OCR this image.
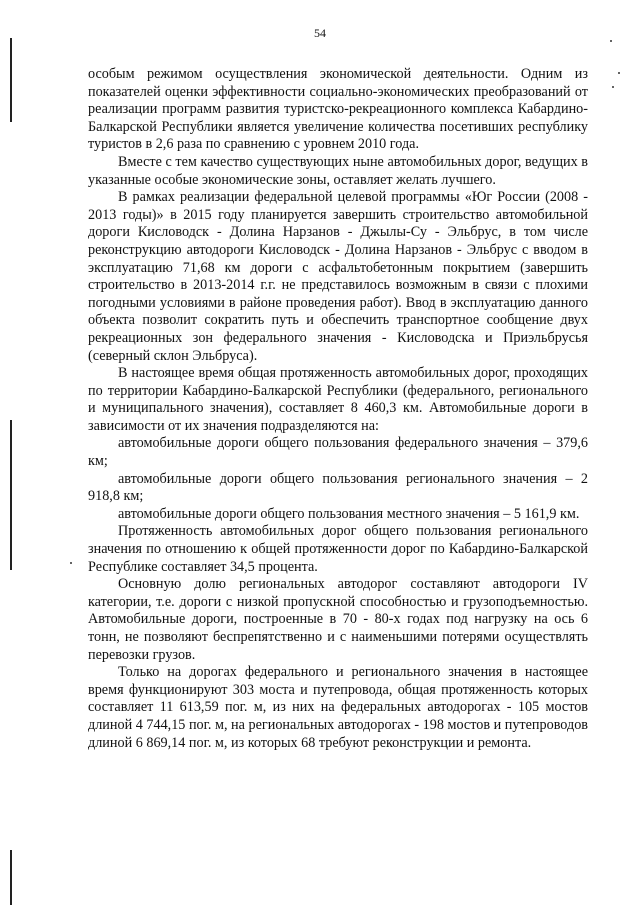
54

особым режимом осуществления экономической деятельности. Одним из показателей оценки эффективности социально-экономических преобразований от реализации программ развития туристско-рекреационного комплекса Кабардино-Балкарской Республики является увеличение количества посетивших республику туристов в 2,6 раза по сравнению с уровнем 2010 года.

Вместе с тем качество существующих ныне автомобильных дорог, ведущих в указанные особые экономические зоны, оставляет желать лучшего.

В рамках реализации федеральной целевой программы «Юг России (2008 - 2013 годы)» в 2015 году планируется завершить строительство автомобильной дороги Кисловодск - Долина Нарзанов - Джылы-Су - Эльбрус, в том числе реконструкцию автодороги Кисловодск - Долина Нарзанов - Эльбрус с вводом в эксплуатацию 71,68 км дороги с асфальтобетонным покрытием (завершить строительство в 2013-2014 г.г. не представилось возможным в связи с плохими погодными условиями в районе проведения работ). Ввод в эксплуатацию данного объекта позволит сократить путь и обеспечить транспортное сообщение двух рекреационных зон федерального значения - Кисловодска и Приэльбрусья (северный склон Эльбруса).

В настоящее время общая протяженность автомобильных дорог, проходящих по территории Кабардино-Балкарской Республики (федерального, регионального и муниципального значения), составляет 8 460,3 км. Автомобильные дороги в зависимости от их значения подразделяются на:

автомобильные дороги общего пользования федерального значения – 379,6 км;

автомобильные дороги общего пользования регионального значения – 2 918,8 км;

автомобильные дороги общего пользования местного значения – 5 161,9 км.

Протяженность автомобильных дорог общего пользования регионального значения по отношению к общей протяженности дорог по Кабардино-Балкарской Республике составляет 34,5 процента.

Основную долю региональных автодорог составляют автодороги IV категории, т.е. дороги с низкой пропускной способностью и грузоподъемностью. Автомобильные дороги, построенные в 70 - 80-х годах под нагрузку на ось 6 тонн, не позволяют беспрепятственно и с наименьшими потерями осуществлять перевозки грузов.

Только на дорогах федерального и регионального значения в настоящее время функционируют 303 моста и путепровода, общая протяженность которых составляет 11 613,59 пог. м, из них на федеральных автодорогах - 105 мостов длиной 4 744,15 пог. м, на региональных автодорогах - 198 мостов и путепроводов длиной 6 869,14 пог. м, из которых 68 требуют реконструкции и ремонта.
